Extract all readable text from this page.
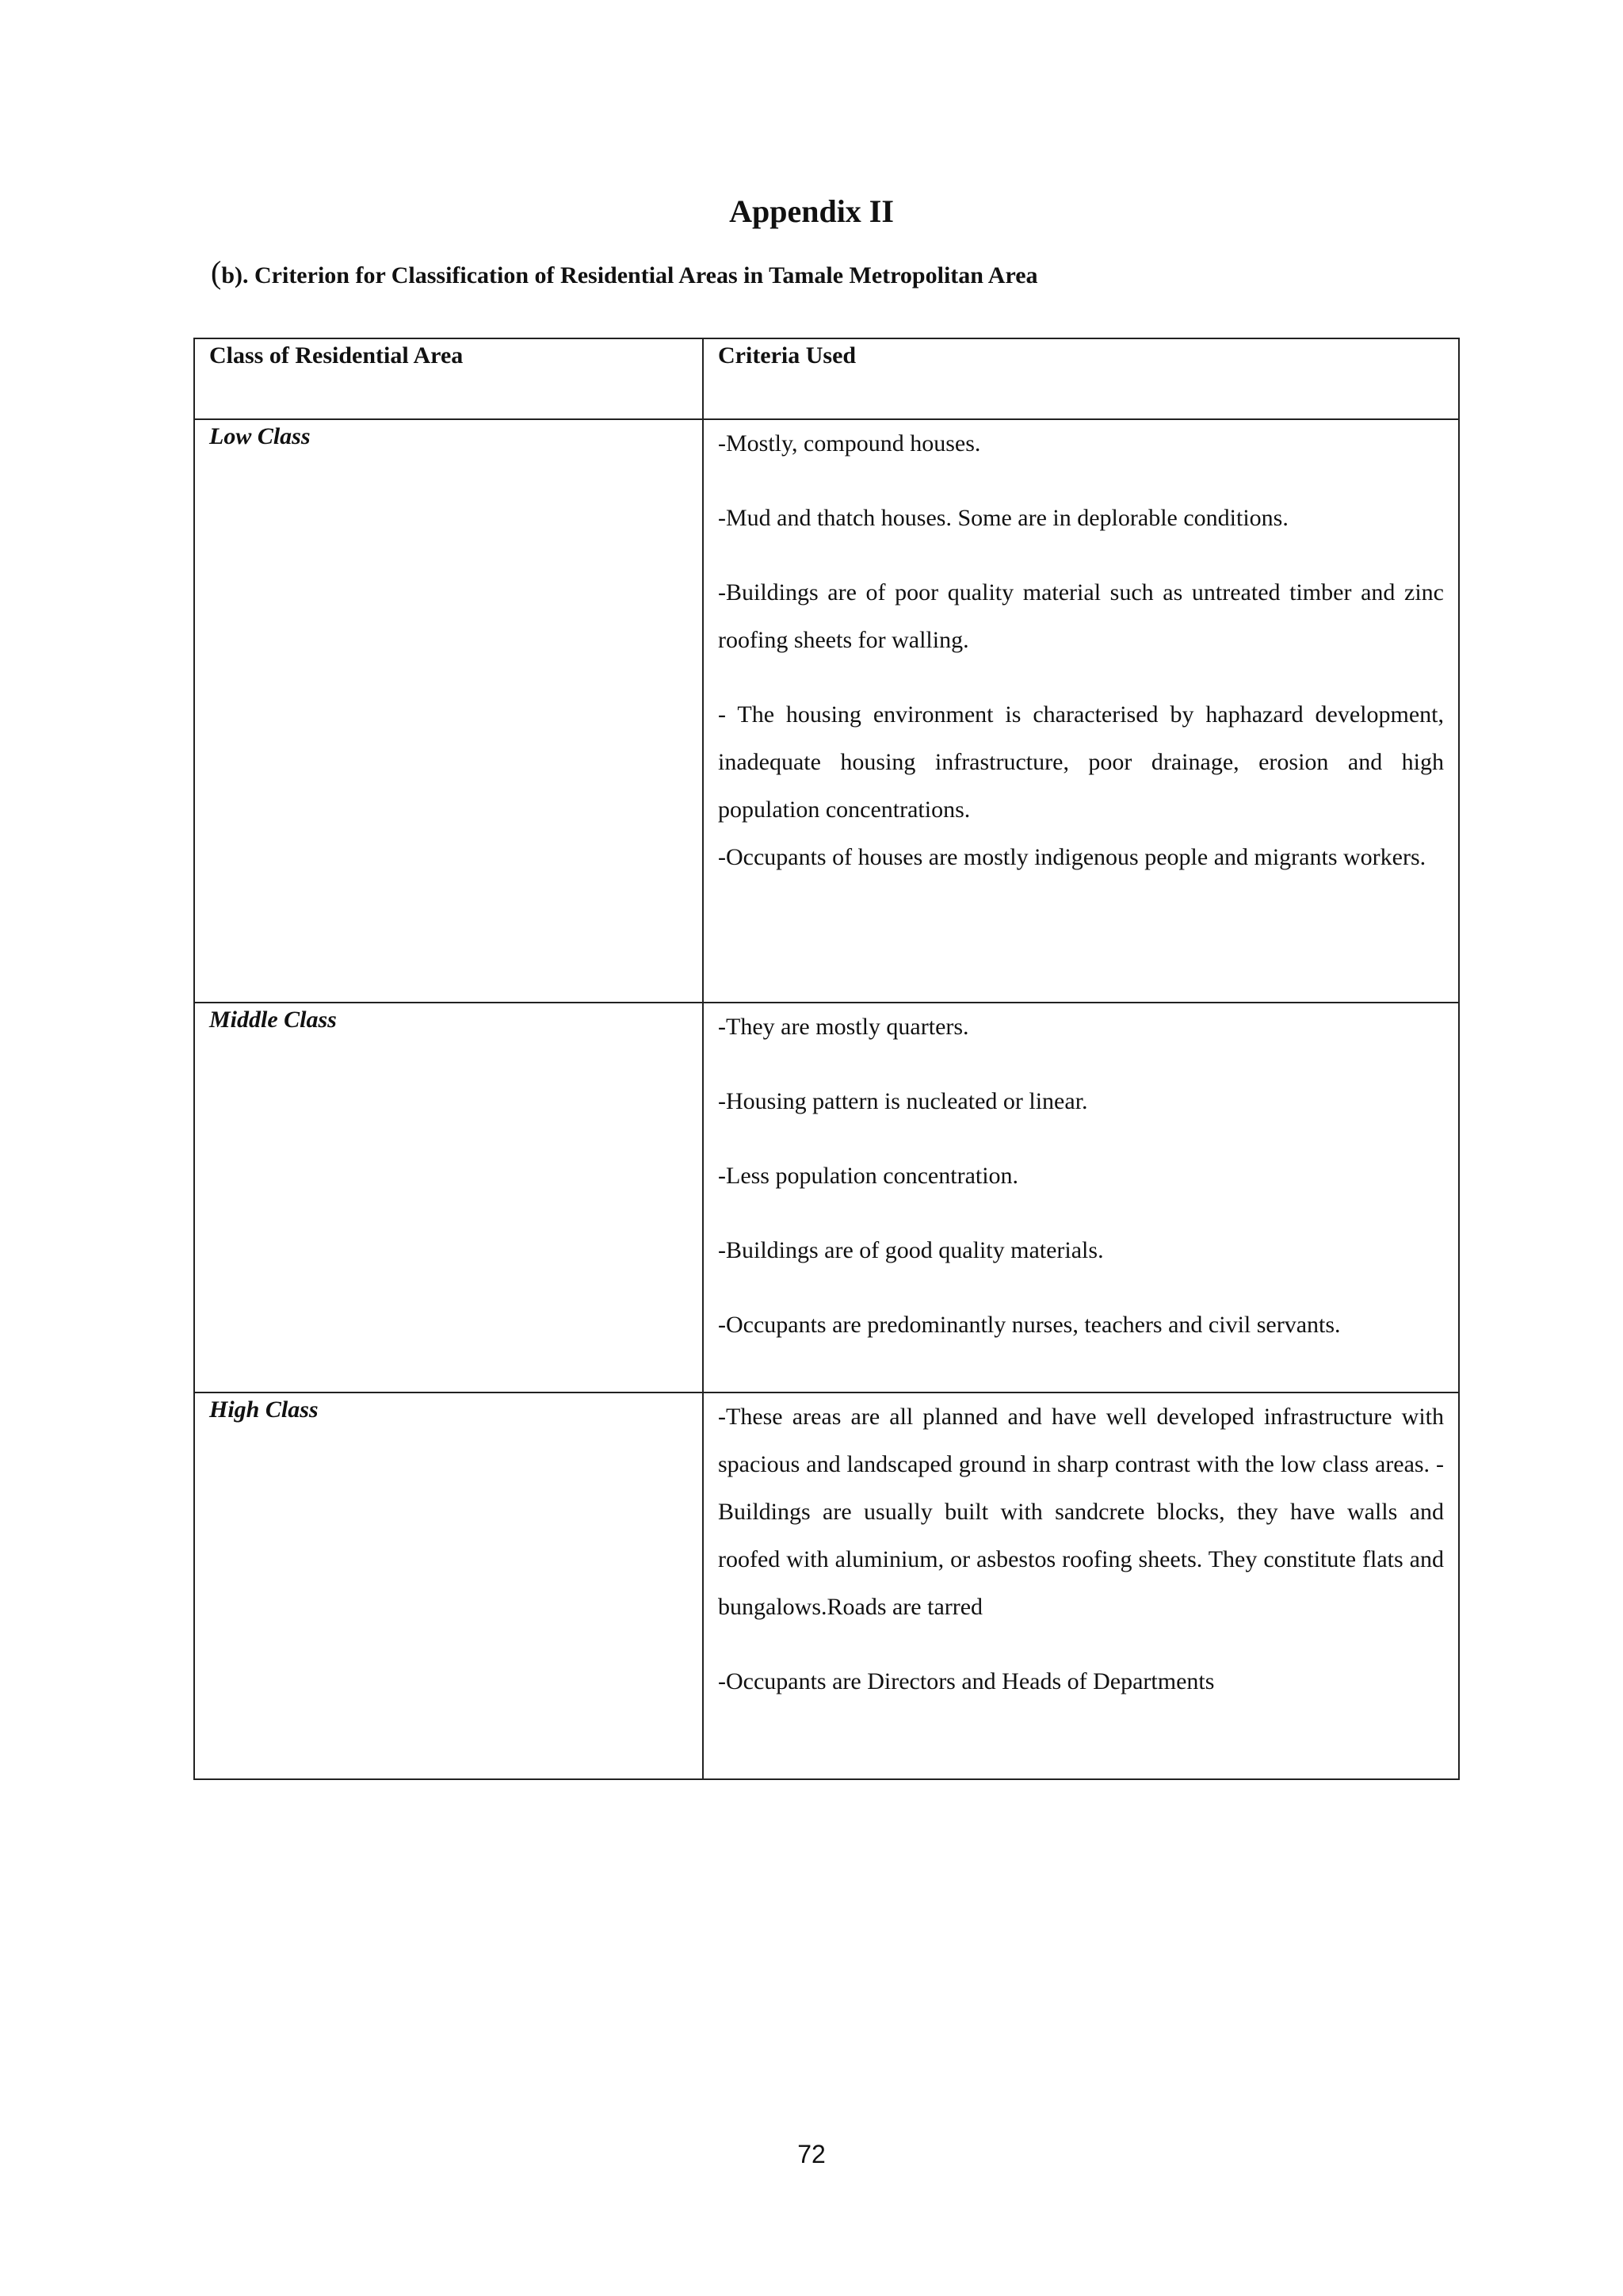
Appendix II
(b). Criterion for Classification of Residential Areas in Tamale Metropolitan Area
Class of Residential Area	Criteria Used

Low Class	-Mostly, compound houses.

-Mud and thatch houses. Some are in deplorable conditions.

-Buildings are of poor quality material such as untreated timber and zinc roofing sheets for walling.

- The housing environment is characterised by haphazard development, inadequate housing infrastructure, poor drainage, erosion and high population concentrations.

-Occupants of houses are mostly indigenous people and migrants workers.

Middle Class	-They are mostly quarters.

-Housing pattern is nucleated or linear.

-Less population concentration.

-Buildings are of good quality materials.

-Occupants are predominantly nurses, teachers and civil servants.

High Class	-These areas are all planned and have well developed infrastructure with spacious and landscaped ground in sharp contrast with the low class areas. -Buildings are usually built with sandcrete blocks, they have walls and roofed with aluminium, or asbestos roofing sheets. They constitute flats and bungalows.Roads are tarred

-Occupants are Directors and Heads of Departments

72
